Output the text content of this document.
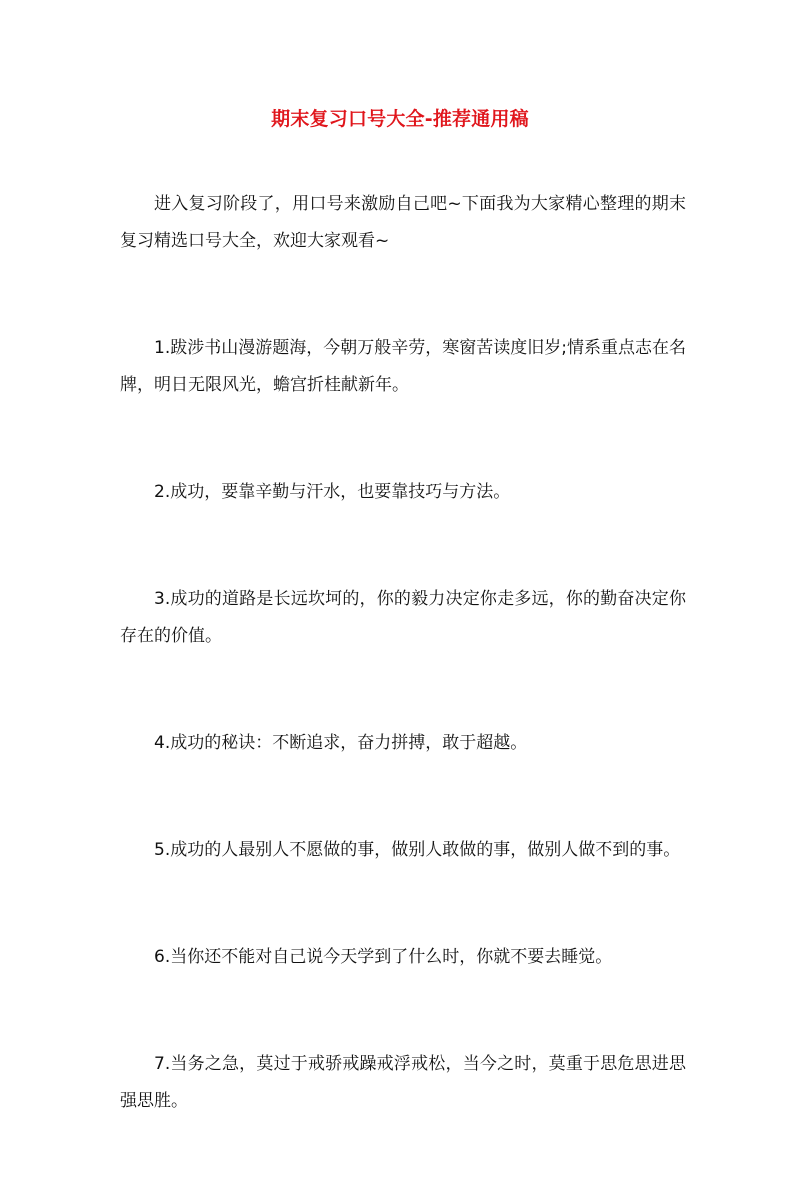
期末复习口号大全-推荐通用稿

进入复习阶段了，用口号来激励自己吧~下面我为大家精心整理的期末复习精选口号大全，欢迎大家观看~

1.跋涉书山漫游题海，今朝万般辛劳，寒窗苦读度旧岁;情系重点志在名牌，明日无限风光，蟾宫折桂献新年。

2.成功，要靠辛勤与汗水，也要靠技巧与方法。

3.成功的道路是长远坎坷的，你的毅力决定你走多远，你的勤奋决定你存在的价值。

4.成功的秘诀：不断追求，奋力拼搏，敢于超越。

5.成功的人最别人不愿做的事，做别人敢做的事，做别人做不到的事。

6.当你还不能对自己说今天学到了什么时，你就不要去睡觉。

7.当务之急，莫过于戒骄戒躁戒浮戒松，当今之时，莫重于思危思进思强思胜。
